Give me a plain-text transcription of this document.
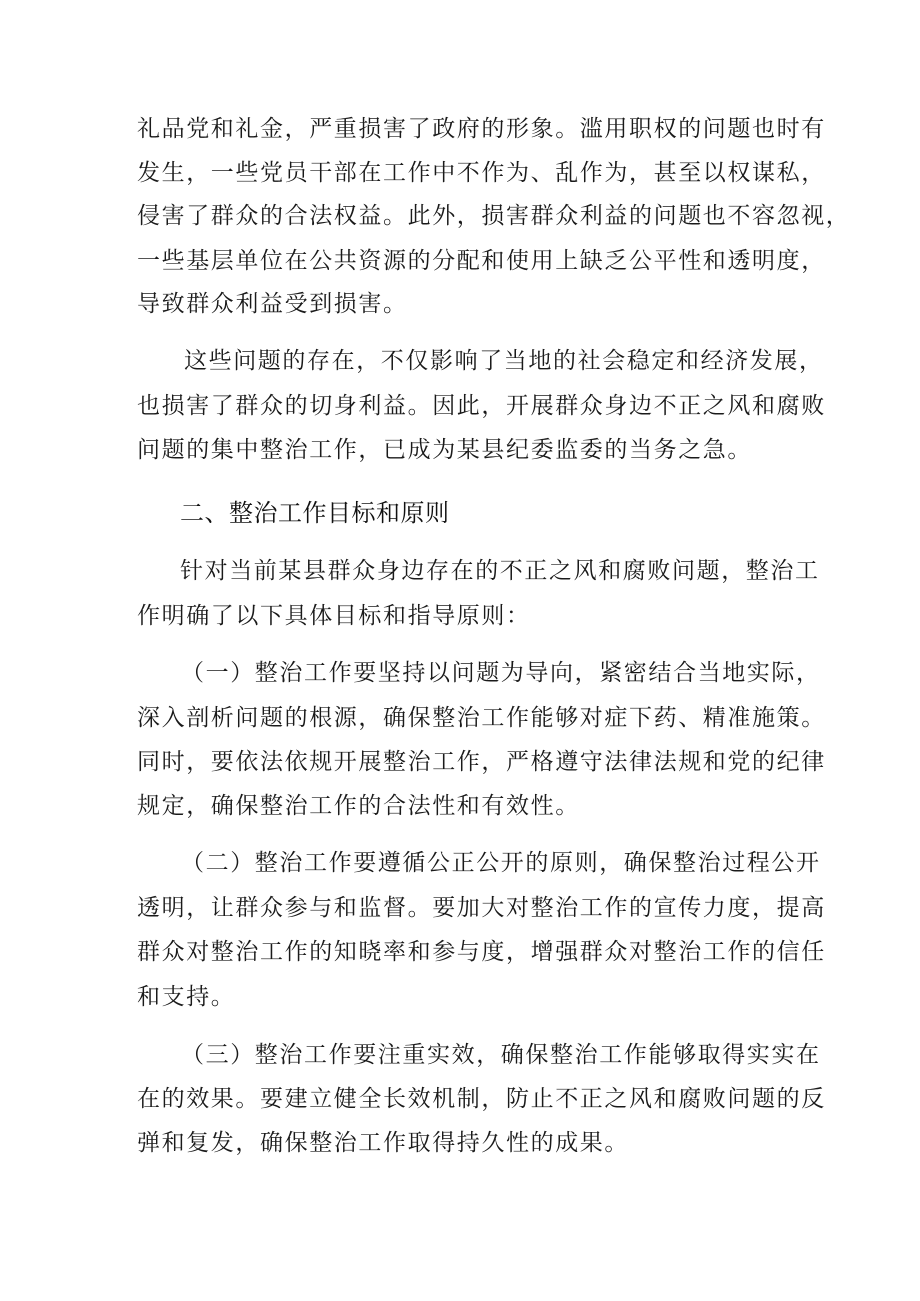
礼品党和礼金，严重损害了政府的形象。滥用职权的问题也时有
发生，一些党员干部在工作中不作为、乱作为，甚至以权谋私，
侵害了群众的合法权益。此外，损害群众利益的问题也不容忽视，
一些基层单位在公共资源的分配和使用上缺乏公平性和透明度，
导致群众利益受到损害。
这些问题的存在，不仅影响了当地的社会稳定和经济发展，
也损害了群众的切身利益。因此，开展群众身边不正之风和腐败
问题的集中整治工作，已成为某县纪委监委的当务之急。
二、整治工作目标和原则
针对当前某县群众身边存在的不正之风和腐败问题，整治工
作明确了以下具体目标和指导原则：
（一）整治工作要坚持以问题为导向，紧密结合当地实际，
深入剖析问题的根源，确保整治工作能够对症下药、精准施策。
同时，要依法依规开展整治工作，严格遵守法律法规和党的纪律
规定，确保整治工作的合法性和有效性。
（二）整治工作要遵循公正公开的原则，确保整治过程公开
透明，让群众参与和监督。要加大对整治工作的宣传力度，提高
群众对整治工作的知晓率和参与度，增强群众对整治工作的信任
和支持。
（三）整治工作要注重实效，确保整治工作能够取得实实在
在的效果。要建立健全长效机制，防止不正之风和腐败问题的反
弹和复发，确保整治工作取得持久性的成果。
